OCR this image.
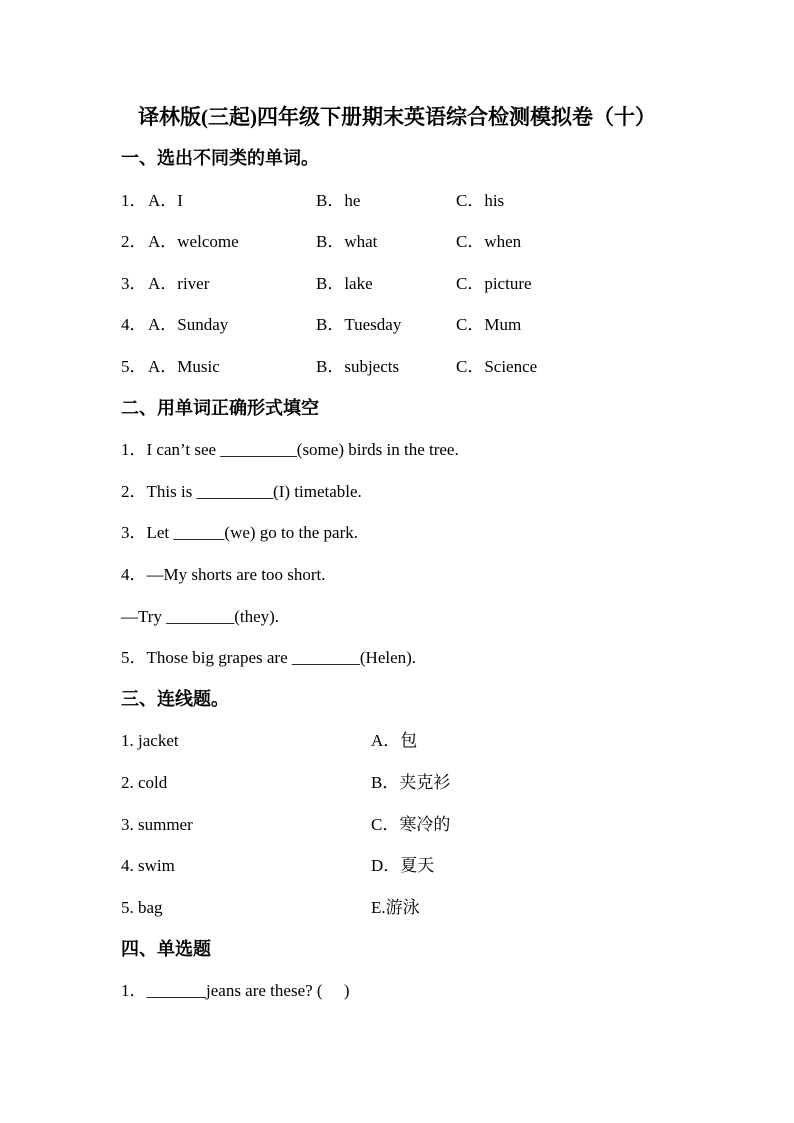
译林版(三起)四年级下册期末英语综合检测模拟卷（十）
一、选出不同类的单词。
1． A．I	B．he	C．his
2． A．welcome	B．what	C．when
3． A．river	B．lake	C．picture
4． A．Sunday	B．Tuesday	C．Mum
5． A．Music	B．subjects	C．Science
二、用单词正确形式填空
1．I can’t see _________(some) birds in the tree.
2．This is _________(I) timetable.
3．Let ______(we) go to the park.
4．—My shorts are too short.
—Try ________(they).
5．Those big grapes are ________(Helen).
三、连线题。
1. jacket	A．包
2. cold	B．夹克衫
3. summer	C．寒冷的
4. swim	D．夏天
5. bag	E.游泳
四、单选题
1．_______jeans are these? (　 )
